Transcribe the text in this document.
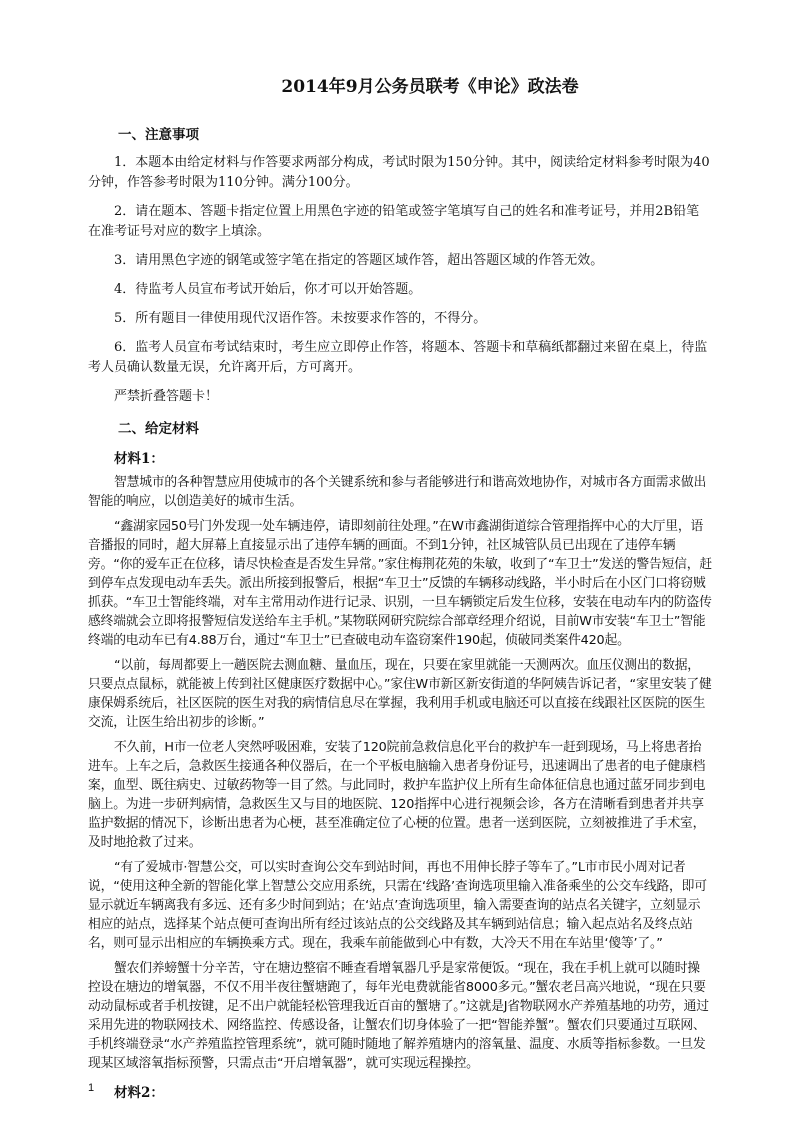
2014年9月公务员联考《申论》政法卷
一、注意事项
1．本题本由给定材料与作答要求两部分构成，考试时限为150分钟。其中，阅读给定材料参考时限为40分钟，作答参考时限为110分钟。满分100分。
2．请在题本、答题卡指定位置上用黑色字迹的铅笔或签字笔填写自己的姓名和准考证号，并用2B铅笔在准考证号对应的数字上填涂。
3．请用黑色字迹的钢笔或签字笔在指定的答题区域作答，超出答题区域的作答无效。
4．待监考人员宣布考试开始后，你才可以开始答题。
5．所有题目一律使用现代汉语作答。未按要求作答的，不得分。
6．监考人员宣布考试结束时，考生应立即停止作答，将题本、答题卡和草稿纸都翻过来留在桌上，待监考人员确认数量无误，允许离开后，方可离开。
严禁折叠答题卡！
二、给定材料
材料1：
智慧城市的各种智慧应用使城市的各个关键系统和参与者能够进行和谐高效地协作，对城市各方面需求做出智能的响应，以创造美好的城市生活。
“鑫湖家园50号门外发现一处车辆违停，请即刻前往处理。”在W市鑫湖街道综合管理指挥中心的大厅里，语音播报的同时，超大屏幕上直接显示出了违停车辆的画面。不到1分钟，社区城管队员已出现在了违停车辆旁。“你的爱车正在位移，请尽快检查是否发生异常。”家住梅荆花苑的朱敏，收到了“车卫士”发送的警告短信，赶到停车点发现电动车丢失。派出所接到报警后，根据“车卫士”反馈的车辆移动线路，半小时后在小区门口将窃贼抓获。“车卫士智能终端，对车主常用动作进行记录、识别，一旦车辆锁定后发生位移，安装在电动车内的防盗传感终端就会立即将报警短信发送给车主手机。”某物联网研究院综合部章经理介绍说，目前W市安装“车卫士”智能终端的电动车已有4.88万台，通过“车卫士”已查破电动车盗窃案件190起，侦破同类案件420起。
“以前，每周都要上一趟医院去测血糖、量血压，现在，只要在家里就能一天测两次。血压仪测出的数据，只要点点鼠标，就能被上传到社区健康医疗数据中心。”家住W市新区新安街道的华阿姨告诉记者，“家里安装了健康保姆系统后，社区医院的医生对我的病情信息尽在掌握，我利用手机或电脑还可以直接在线跟社区医院的医生交流，让医生给出初步的诊断。”
不久前，H市一位老人突然呼吸困难，安装了120院前急救信息化平台的救护车一赶到现场，马上将患者抬进车。上车之后，急救医生接通各种仪器后，在一个平板电脑输入患者身份证号，迅速调出了患者的电子健康档案，血型、既往病史、过敏药物等一目了然。与此同时，救护车监护仪上所有生命体征信息也通过蓝牙同步到电脑上。为进一步研判病情，急救医生又与目的地医院、120指挥中心进行视频会诊，各方在清晰看到患者并共享监护数据的情况下，诊断出患者为心梗，甚至准确定位了心梗的位置。患者一送到医院，立刻被推进了手术室，及时地抢救了过来。
“有了爱城市·智慧公交，可以实时查询公交车到站时间，再也不用伸长脖子等车了。”L市市民小周对记者说，“使用这种全新的智能化掌上智慧公交应用系统，只需在‘线路’查询选项里输入准备乘坐的公交车线路，即可显示就近车辆离我有多远、还有多少时间到站；在‘站点’查询选项里，输入需要查询的站点名关键字，立刻显示相应的站点，选择某个站点便可查询出所有经过该站点的公交线路及其车辆到站信息；输入起点站名及终点站名，则可显示出相应的车辆换乘方式。现在，我乘车前能做到心中有数，大冷天不用在车站里‘傻等’了。”
蟹农们养螃蟹十分辛苦，守在塘边整宿不睡查看增氧器几乎是家常便饭。“现在，我在手机上就可以随时操控设在塘边的增氧器，不仅不用半夜往蟹塘跑了，每年光电费就能省8000多元。”蟹农老吕高兴地说，“现在只要动动鼠标或者手机按键，足不出户就能轻松管理我近百亩的蟹塘了。”这就是J省物联网水产养殖基地的功劳，通过采用先进的物联网技术、网络监控、传感设备，让蟹农们切身体验了一把“智能养蟹”。蟹农们只要通过互联网、手机终端登录“水产养殖监控管理系统”，就可随时随地了解养殖塘内的溶氧量、温度、水质等指标参数。一旦发现某区域溶氧指标预警，只需点击“开启增氧器”，就可实现远程操控。
材料2：
1
